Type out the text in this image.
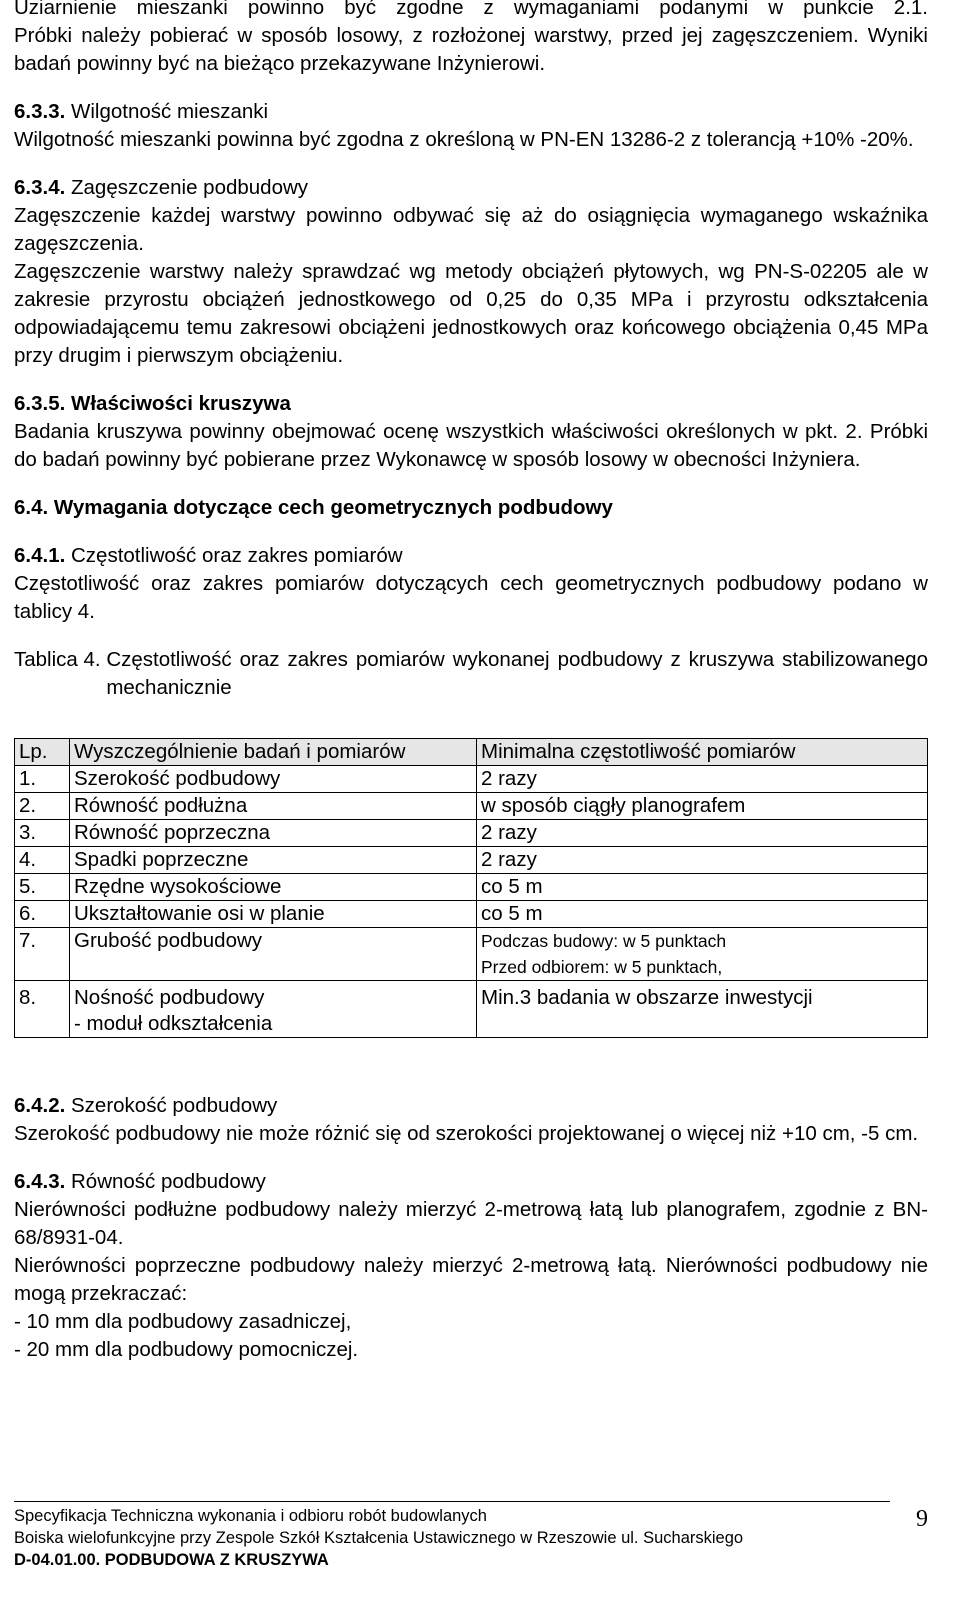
Uziarnienie mieszanki powinno być zgodne z wymaganiami podanymi w punkcie 2.1.

Próbki należy pobierać w sposób losowy, z rozłożonej warstwy, przed jej zagęszczeniem. Wyniki badań powinny być na bieżąco przekazywane Inżynierowi.

6.3.3. Wilgotność mieszanki

Wilgotność mieszanki powinna być zgodna z określoną w PN-EN 13286-2 z tolerancją +10% -20%.

6.3.4. Zagęszczenie podbudowy

Zagęszczenie każdej warstwy powinno odbywać się aż do osiągnięcia wymaganego wskaźnika zagęszczenia.

Zagęszczenie warstwy należy sprawdzać wg metody obciążeń płytowych, wg PN-S-02205 ale w zakresie przyrostu obciążeń jednostkowego od 0,25 do 0,35 MPa i przyrostu odkształcenia odpowiadającemu temu zakresowi obciążeni jednostkowych oraz końcowego obciążenia 0,45 MPa przy drugim i pierwszym obciążeniu.

6.3.5. Właściwości kruszywa

Badania kruszywa powinny obejmować ocenę wszystkich właściwości określonych w pkt. 2. Próbki do badań powinny być pobierane przez Wykonawcę w sposób losowy w obecności Inżyniera.

6.4. Wymagania dotyczące cech geometrycznych podbudowy

6.4.1. Częstotliwość oraz zakres pomiarów

Częstotliwość oraz zakres pomiarów dotyczących cech geometrycznych podbudowy podano w tablicy 4.

Tablica 4. Częstotliwość oraz zakres pomiarów wykonanej podbudowy z kruszywa stabilizowanego mechanicznie
Lp.	Wyszczególnienie badań i pomiarów	Minimalna częstotliwość pomiarów
1.	Szerokość podbudowy	2 razy
2.	Równość podłużna	w sposób ciągły planografem
3.	Równość poprzeczna	2 razy
4.	Spadki poprzeczne	2 razy
5.	Rzędne wysokościowe	co 5 m
6.	Ukształtowanie osi w planie	co 5 m
7.	Grubość podbudowy	Podczas budowy: w 5 punktach
Przed odbiorem: w 5 punktach,

8.	Nośność podbudowy
- moduł odkształcenia	Min.3 badania w obszarze inwestycji

6.4.2. Szerokość podbudowy

Szerokość podbudowy nie może różnić się od szerokości projektowanej o więcej niż +10 cm, -5 cm.

6.4.3. Równość podbudowy

Nierówności podłużne podbudowy należy mierzyć 2-metrową łatą lub planografem, zgodnie z BN-68/8931-04.

Nierówności poprzeczne podbudowy należy mierzyć 2-metrową łatą. Nierówności podbudowy nie mogą przekraczać:

- 10 mm dla podbudowy zasadniczej,

- 20 mm dla podbudowy pomocniczej.

Specyfikacja Techniczna wykonania i odbioru robót budowlanych
Boiska wielofunkcyjne przy Zespole Szkół Kształcenia Ustawicznego w Rzeszowie ul. Sucharskiego
D-04.01.00. PODBUDOWA Z KRUSZYWA
9
